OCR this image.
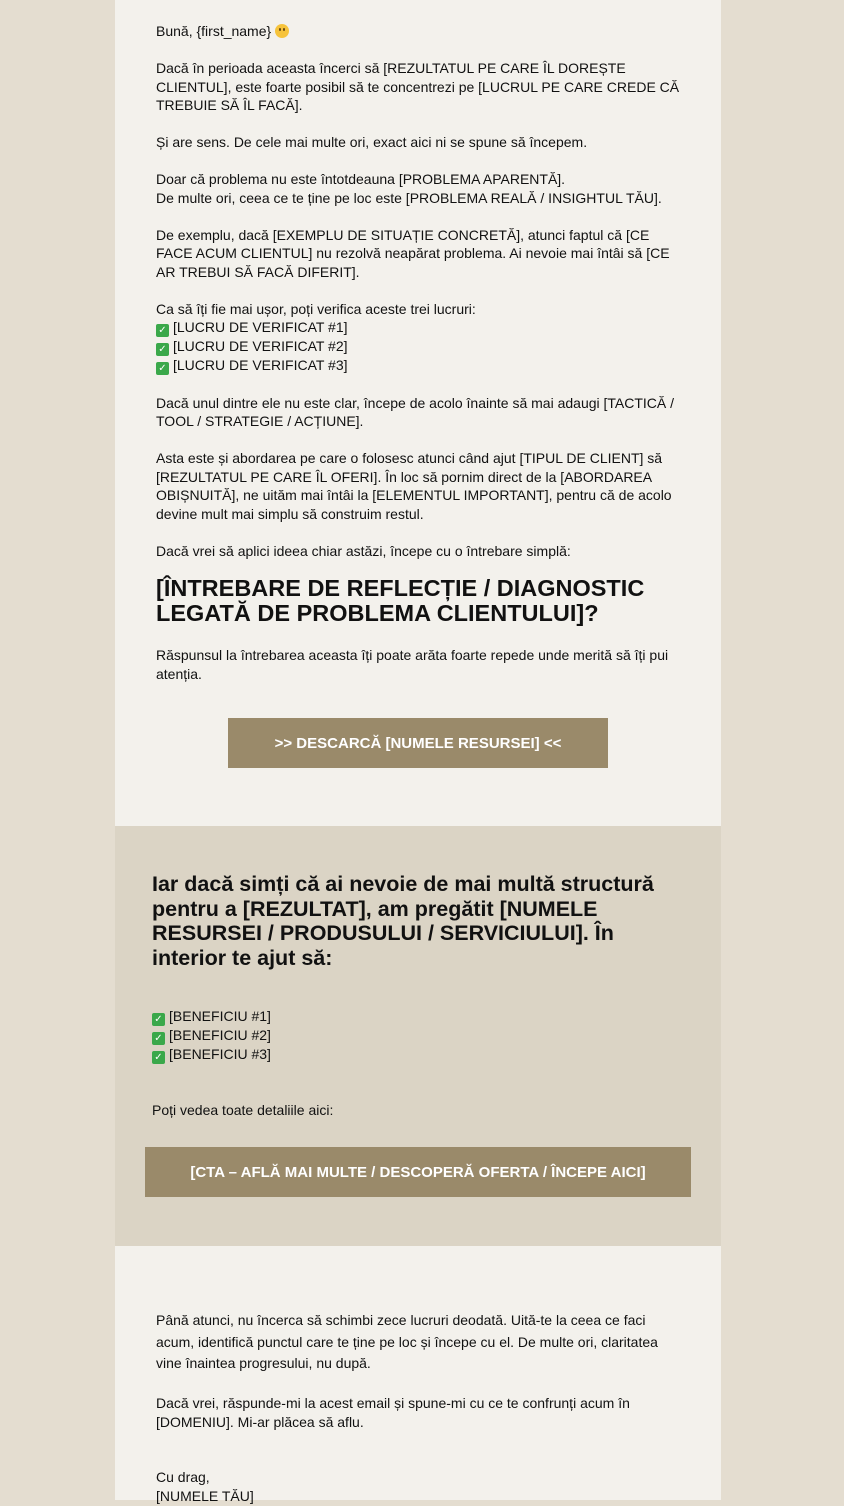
Bună, {first_name}

Dacă în perioada aceasta încerci să [REZULTATUL PE CARE ÎL DOREȘTE CLIENTUL], este foarte posibil să te concentrezi pe [LUCRUL PE CARE CREDE CĂ TREBUIE SĂ ÎL FACĂ].

Și are sens. De cele mai multe ori, exact aici ni se spune să începem.

Doar că problema nu este întotdeauna [PROBLEMA APARENTĂ].
De multe ori, ceea ce te ține pe loc este [PROBLEMA REALĂ / INSIGHTUL TĂU].

De exemplu, dacă [EXEMPLU DE SITUAȚIE CONCRETĂ], atunci faptul că [CE FACE ACUM CLIENTUL] nu rezolvă neapărat problema. Ai nevoie mai întâi să [CE AR TREBUI SĂ FACĂ DIFERIT].

Ca să îți fie mai ușor, poți verifica aceste trei lucruri:
✓ [LUCRU DE VERIFICAT #1]
✓ [LUCRU DE VERIFICAT #2]
✓ [LUCRU DE VERIFICAT #3]

Dacă unul dintre ele nu este clar, începe de acolo înainte să mai adaugi [TACTICĂ / TOOL / STRATEGIE / ACȚIUNE].

Asta este și abordarea pe care o folosesc atunci când ajut [TIPUL DE CLIENT] să [REZULTATUL PE CARE ÎL OFERI]. În loc să pornim direct de la [ABORDAREA OBIȘNUITĂ], ne uităm mai întâi la [ELEMENTUL IMPORTANT], pentru că de acolo devine mult mai simplu să construim restul.

Dacă vrei să aplici ideea chiar astăzi, începe cu o întrebare simplă:

[ÎNTREBARE DE REFLECȚIE / DIAGNOSTIC LEGATĂ DE PROBLEMA CLIENTULUI]?
Răspunsul la întrebarea aceasta îți poate arăta foarte repede unde merită să îți pui atenția.
>> DESCARCĂ [NUMELE RESURSEI] <<
Iar dacă simți că ai nevoie de mai multă structură pentru a [REZULTAT], am pregătit [NUMELE RESURSEI / PRODUSULUI / SERVICIULUI]. În interior te ajut să:
✓ [BENEFICIU #1]
✓ [BENEFICIU #2]
✓ [BENEFICIU #3]
Poți vedea toate detaliile aici:
[CTA – AFLĂ MAI MULTE / DESCOPERĂ OFERTA / ÎNCEPE AICI]
Până atunci, nu încerca să schimbi zece lucruri deodată. Uită-te la ceea ce faci acum, identifică punctul care te ține pe loc și începe cu el. De multe ori, claritatea vine înaintea progresului, nu după.
Dacă vrei, răspunde-mi la acest email și spune-mi cu ce te confrunți acum în [DOMENIU]. Mi-ar plăcea să aflu.
Cu drag,
[NUMELE TĂU]
